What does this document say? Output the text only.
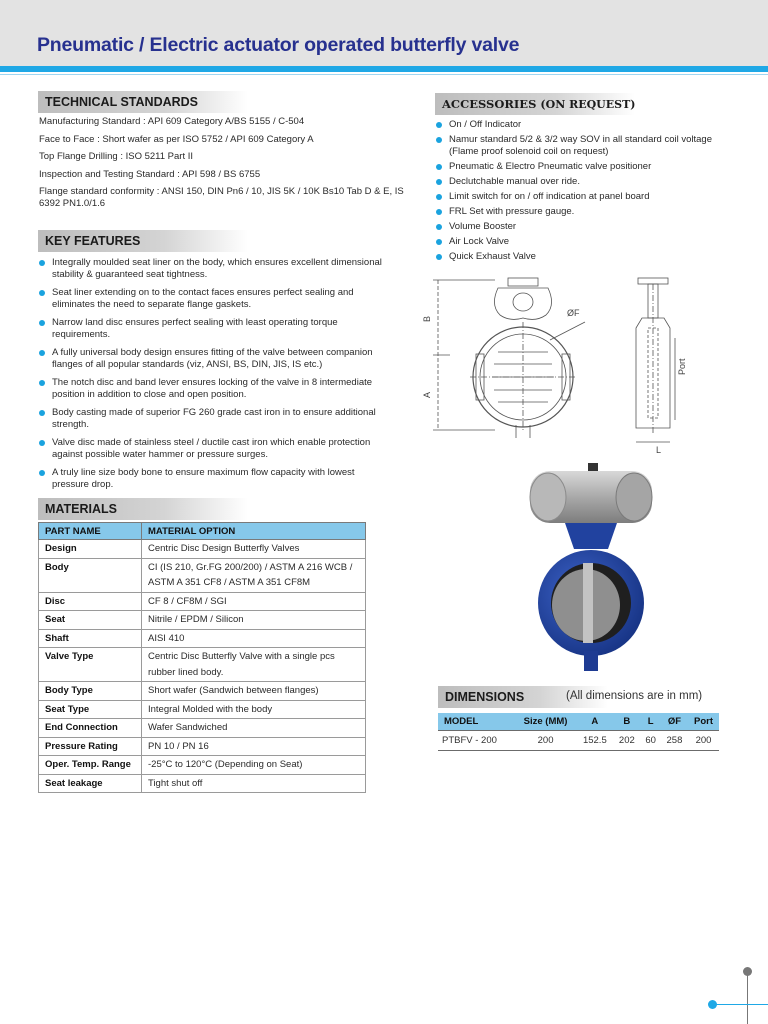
Pneumatic / Electric actuator operated butterfly valve
TECHNICAL STANDARDS
Manufacturing Standard : API 609 Category A/BS 5155 / C-504
Face to Face : Short wafer as per ISO 5752 / API 609 Category A
Top Flange Drilling : ISO 5211 Part II
Inspection and Testing Standard : API 598 / BS 6755
Flange standard conformity : ANSI 150, DIN Pn6 / 10, JIS 5K / 10K Bs10 Tab D & E, IS 6392 PN1.0/1.6
KEY FEATURES
Integrally moulded seat liner on the body, which ensures excellent dimensional stability & guaranteed seat tightness.
Seat liner extending on to the contact faces ensures perfect sealing and eliminates the need to separate flange gaskets.
Narrow land disc ensures perfect sealing with least operating torque requirements.
A fully universal body design ensures fitting of the valve between companion flanges of all popular standards (viz, ANSI, BS, DIN, JIS, IS etc.)
The notch disc and band lever ensures locking of the valve in 8 intermediate position in addition to close and open position.
Body casting made of superior FG 260 grade cast iron in to ensure additional strength.
Valve disc made of stainless steel / ductile cast iron which enable protection against possible water hammer or pressure surges.
A truly line size body bone to ensure maximum flow capacity with lowest pressure drop.
MATERIALS
PART NAME	MATERIAL OPTION
Design	Centric Disc Design Butterfly Valves
Body	CI (IS 210, Gr.FG 200/200) / ASTM A 216 WCB / ASTM A 351 CF8 / ASTM A 351 CF8M
Disc	CF 8 / CF8M / SGI
Seat	Nitrile / EPDM / Silicon
Shaft	AISI 410
Valve Type	Centric Disc Butterfly Valve with a single pcs rubber lined body.
Body Type	Short wafer (Sandwich between flanges)
Seat Type	Integral Molded with the body
End Connection	Wafer Sandwiched
Pressure Rating	PN 10 / PN 16
Oper. Temp. Range	-25°C to 120°C (Depending on Seat)
Seat leakage	Tight shut off
ACCESSORIES (ON REQUEST)
On / Off Indicator
Namur standard 5/2 & 3/2 way SOV in all standard coil voltage (Flame proof solenoid coil on request)
Pneumatic & Electro Pneumatic valve positioner
Declutchable manual over ride.
Limit switch for on / off indication at panel board
FRL Set with pressure gauge.
Volume Booster
Air Lock Valve
Quick Exhaust Valve
B
A
ØF
Port
L
DIMENSIONS	(All dimensions are in mm)
MODEL	Size (MM)	A	B	L	ØF	Port
PTBFV - 200	200	152.5	202	60	258	200
